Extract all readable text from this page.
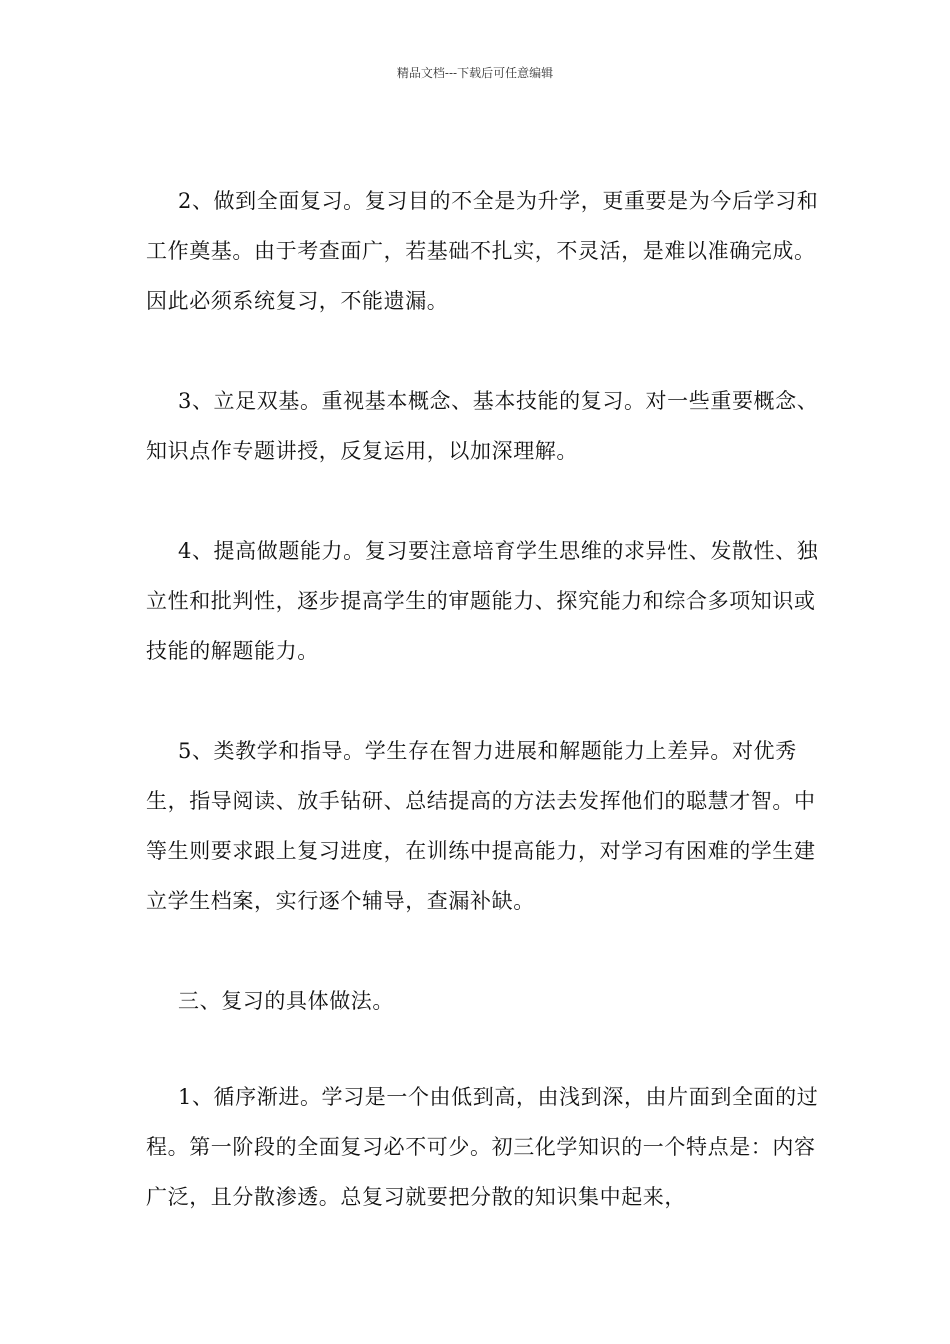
精品文档---下载后可任意编辑

2、做到全面复习。复习目的不全是为升学，更重要是为今后学习和工作奠基。由于考查面广，若基础不扎实，不灵活，是难以准确完成。因此必须系统复习，不能遗漏。

3、立足双基。重视基本概念、基本技能的复习。对一些重要概念、知识点作专题讲授，反复运用，以加深理解。

4、提高做题能力。复习要注意培育学生思维的求异性、发散性、独立性和批判性，逐步提高学生的审题能力、探究能力和综合多项知识或技能的解题能力。

5、类教学和指导。学生存在智力进展和解题能力上差异。对优秀生，指导阅读、放手钻研、总结提高的方法去发挥他们的聪慧才智。中等生则要求跟上复习进度，在训练中提高能力，对学习有困难的学生建立学生档案，实行逐个辅导，查漏补缺。

三、复习的具体做法。

1、循序渐进。学习是一个由低到高，由浅到深，由片面到全面的过程。第一阶段的全面复习必不可少。初三化学知识的一个特点是：内容广泛，且分散渗透。总复习就要把分散的知识集中起来，
